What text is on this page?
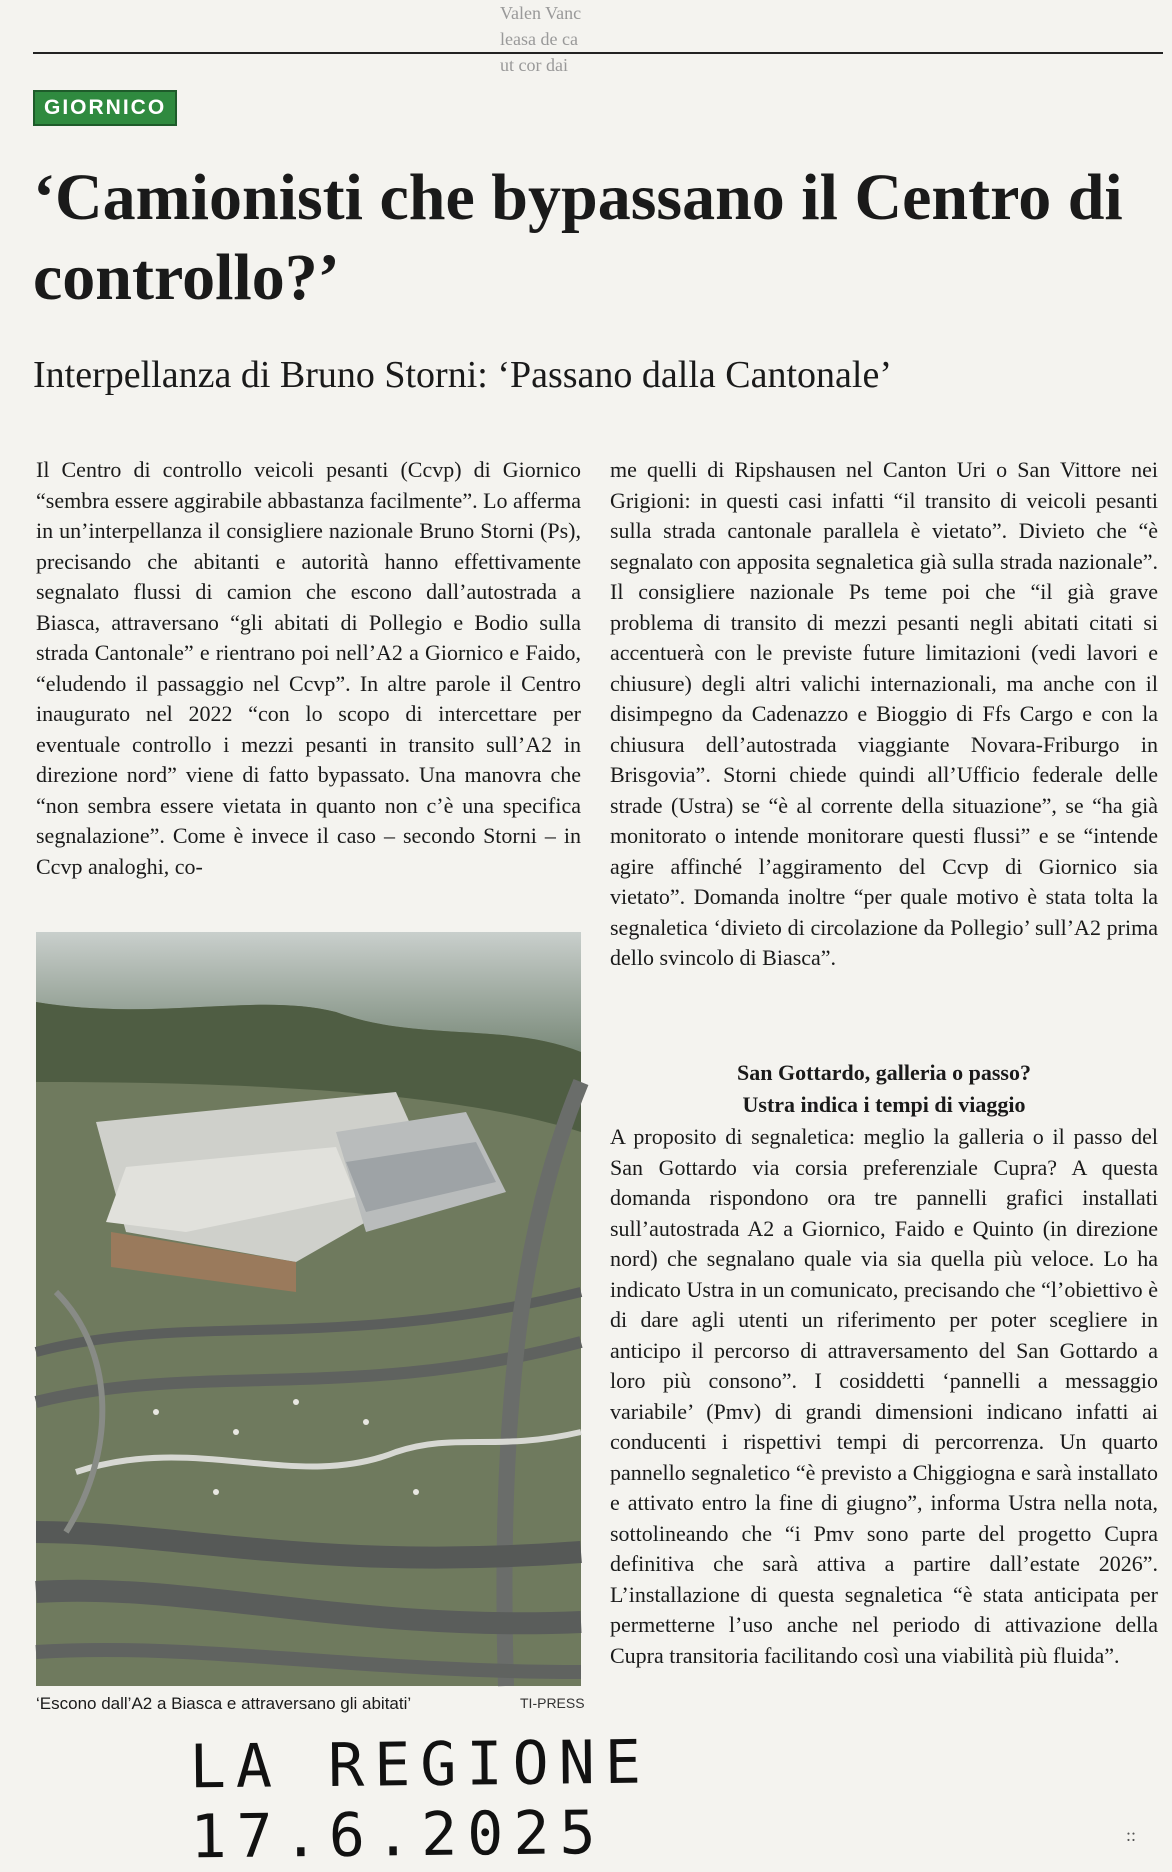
Valen Vanc leasa de ca ut cor dai
GIORNICO
‘Camionisti che bypassano il Centro di controllo?’
Interpellanza di Bruno Storni: ‘Passano dalla Cantonale’

Il Centro di controllo veicoli pesanti (Ccvp) di Giornico “sembra essere aggirabile abbastanza facilmente”. Lo afferma in un’interpellanza il consigliere nazionale Bruno Storni (Ps), precisando che abitanti e autorità hanno effettivamente segnalato flussi di camion che escono dall’autostrada a Biasca, attraversano “gli abitati di Pollegio e Bodio sulla strada Cantonale” e rientrano poi nell’A2 a Giornico e Faido, “eludendo il passaggio nel Ccvp”. In altre parole il Centro inaugurato nel 2022 “con lo scopo di intercettare per eventuale controllo i mezzi pesanti in transito sull’A2 in direzione nord” viene di fatto bypassato. Una manovra che “non sembra essere vietata in quanto non c’è una specifica segnalazione”. Come è invece il caso – secondo Storni – in Ccvp analoghi, co-

‘Escono dall’A2 a Biasca e attraversano gli abitati’	TI-PRESS

me quelli di Ripshausen nel Canton Uri o San Vittore nei Grigioni: in questi casi infatti “il transito di veicoli pesanti sulla strada cantonale parallela è vietato”. Divieto che “è segnalato con apposita segnaletica già sulla strada nazionale”. Il consigliere nazionale Ps teme poi che “il già grave problema di transito di mezzi pesanti negli abitati citati si accentuerà con le previste future limitazioni (vedi lavori e chiusure) degli altri valichi internazionali, ma anche con il disimpegno da Cadenazzo e Bioggio di Ffs Cargo e con la chiusura dell’autostrada viaggiante Novara-Friburgo in Brisgovia”. Storni chiede quindi all’Ufficio federale delle strade (Ustra) se “è al corrente della situazione”, se “ha già monitorato o intende monitorare questi flussi” e se “intende agire affinché l’aggiramento del Ccvp di Giornico sia vietato”. Domanda inoltre “per quale motivo è stata tolta la segnaletica ‘divieto di circolazione da Pollegio’ sull’A2 prima dello svincolo di Biasca”.

San Gottardo, galleria o passo?
Ustra indica i tempi di viaggio

A proposito di segnaletica: meglio la galleria o il passo del San Gottardo via corsia preferenziale Cupra? A questa domanda rispondono ora tre pannelli grafici installati sull’autostrada A2 a Giornico, Faido e Quinto (in direzione nord) che segnalano quale via sia quella più veloce. Lo ha indicato Ustra in un comunicato, precisando che “l’obiettivo è di dare agli utenti un riferimento per poter scegliere in anticipo il percorso di attraversamento del San Gottardo a loro più consono”. I cosiddetti ‘pannelli a messaggio variabile’ (Pmv) di grandi dimensioni indicano infatti ai conducenti i rispettivi tempi di percorrenza. Un quarto pannello segnaletico “è previsto a Chiggiogna e sarà installato e attivato entro la fine di giugno”, informa Ustra nella nota, sottolineando che “i Pmv sono parte del progetto Cupra definitiva che sarà attiva a partire dall’estate 2026”. L’installazione di questa segnaletica “è stata anticipata per permetterne l’uso anche nel periodo di attivazione della Cupra transitoria facilitando così una viabilità più fluida”.

LA REGIONE 17.6.2025	::
